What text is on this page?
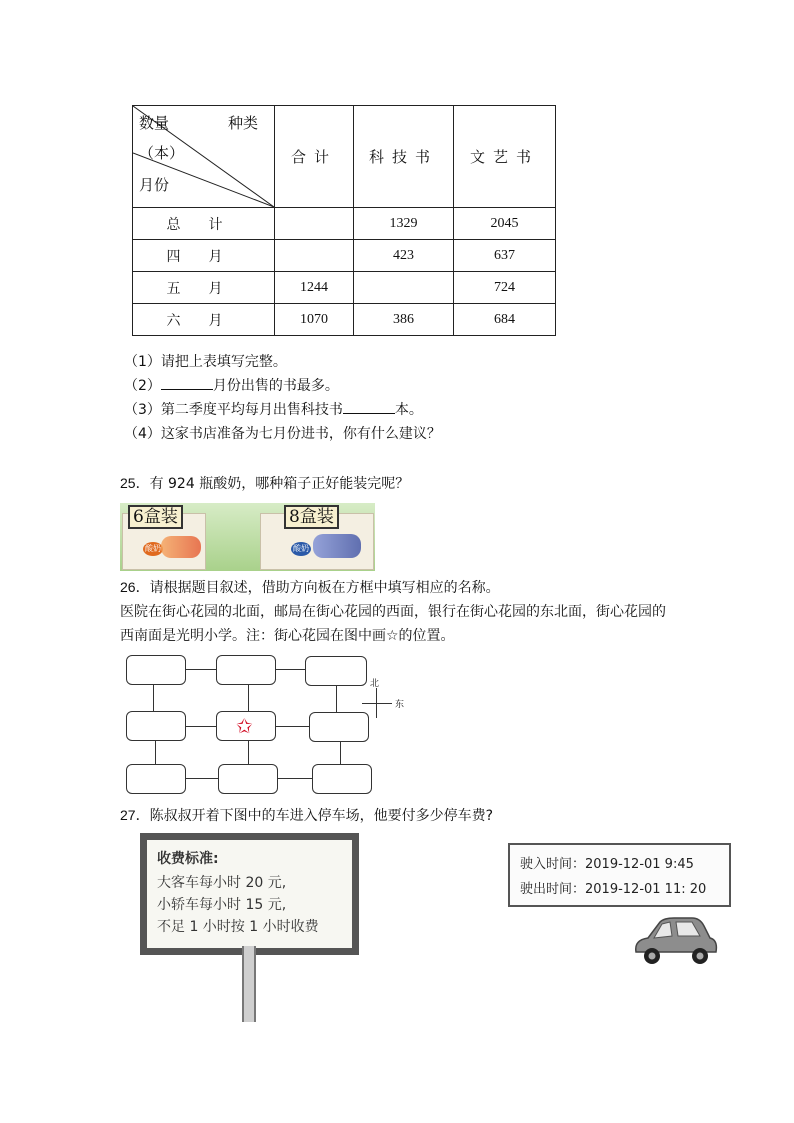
种类
数量
（本）
月份	合计	科技书	文艺书
总计		1329	2045
四月		423	637
五月	1244		724
六月	1070	386	684
（1）请把上表填写完整。
（2）	月份出售的书最多。
（3）第二季度平均每月出售科技书	本。
（4）这家书店准备为七月份进书，你有什么建议？
25．有 924 瓶酸奶，哪种箱子正好能装完呢？
酸奶
6盒装
酸奶
8盒装
26．请根据题目叙述，借助方向板在方框中填写相应的名称。
医院在街心花园的北面，邮局在街心花园的西面，银行在街心花园的东北面，街心花园的
西南面是光明小学。注：街心花园在图中画☆的位置。
✩
北
东
27．陈叔叔开着下图中的车进入停车场，他要付多少停车费?
收费标准:
大客车每小时 20 元,
小轿车每小时 15 元,
不足 1 小时按 1 小时收费
驶入时间：2019-12-01 9:45
驶出时间：2019-12-01 11: 20
